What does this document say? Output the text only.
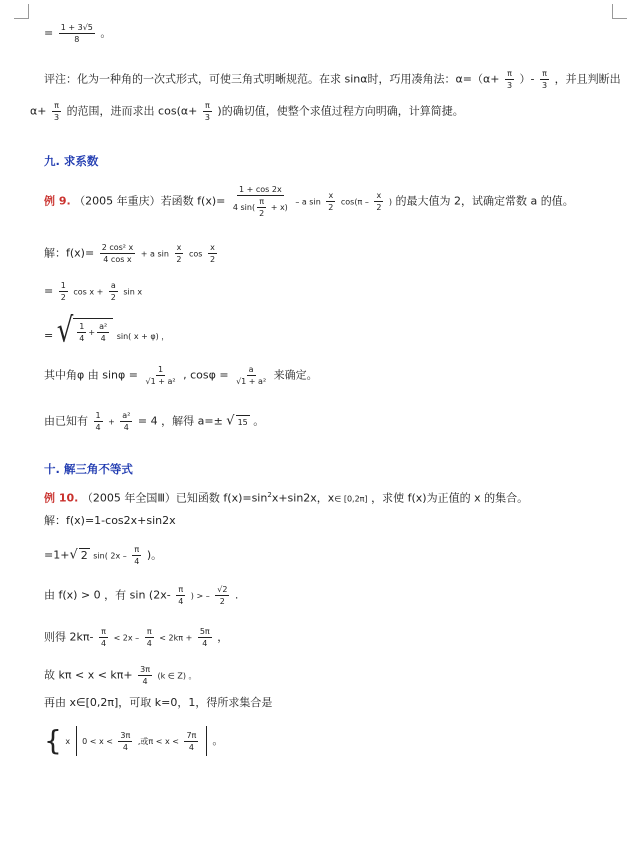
= $\frac{1 + 3√5}{8}$ 。
评注：化为一种角的一次式形式，可使三角式明晰规范。在求 sinα时，巧用凑角法：$\alpha=(\alpha+ \frac{\pi}{3}$ ）- $\frac{\pi}{3}$ ，并且判断出
$\alpha+ \frac{\pi}{3}$ 的范围，进而求出 $\cos(\alpha+ \frac{\pi}{3}$ )的确切值，使整个求值过程方向明确，计算简捷。
九. 求系数
例 9. （2005 年重庆）若函数 $f(x)= \frac{1 + \cos 2x}{4 \sin( \frac{\pi}{2} + x)} - a$ $\sin \frac{x}{2} \cos(\pi - \frac{x}{2}$ ) 的最大值为 2，试确定常数 a 的值。
解：$f(x)= \frac{\text{2 cos² x}}{\text{4 cos x}} + a$ $\sin \frac{x}{2}$ $\cos \frac{x}{2}$
= $\frac{1}{2}$ $\cos x + \frac{a}{2}$ sin x
= √ $\frac{1}{4} + \frac{\text{a²}}{4} \sin$( x + φ) ，
其中角φ 由 $\sin\varphi = \frac{1}{\text{√1 + a²}}$ , $\cos\varphi = \frac{a}{\text{√1 + a²}}$ 来确定。
由已知有 $\frac{1}{4} + \frac{\text{a²}}{4} = 4$ ，解得 a=± √ 15 。
十. 解三角不等式
例 10. （2005 年全国Ⅲ）已知函数 $f(x)=\sin^2x+\sin 2x$，x∈ [0,2π] ，求使 f(x)为正值的 x 的集合。
解：f(x)=1-cos2x+sin2x
=1+√ 2 sin( $2x - \frac{\pi}{4}$ )。
由 f(x) > 0 ，有 $\sin (2x- \frac{\pi}{4}$ ) > – $\frac{√2}{2}$ .
则得 $2k\pi- \frac{\pi}{4} < 2x - \frac{\pi}{4} < 2k\pi + \frac{5\pi}{4}$ ，
故 $k\pi < x < k\pi+ \frac{3\pi}{4} (k$ ∈ Z) 。
再由 x∈[0,2π]，可取 k=0，1，得所求集合是
{ x $0 < x < \frac{3\pi}{4}$ ,或$\pi < x < \frac{7\pi}{4}$ 。
